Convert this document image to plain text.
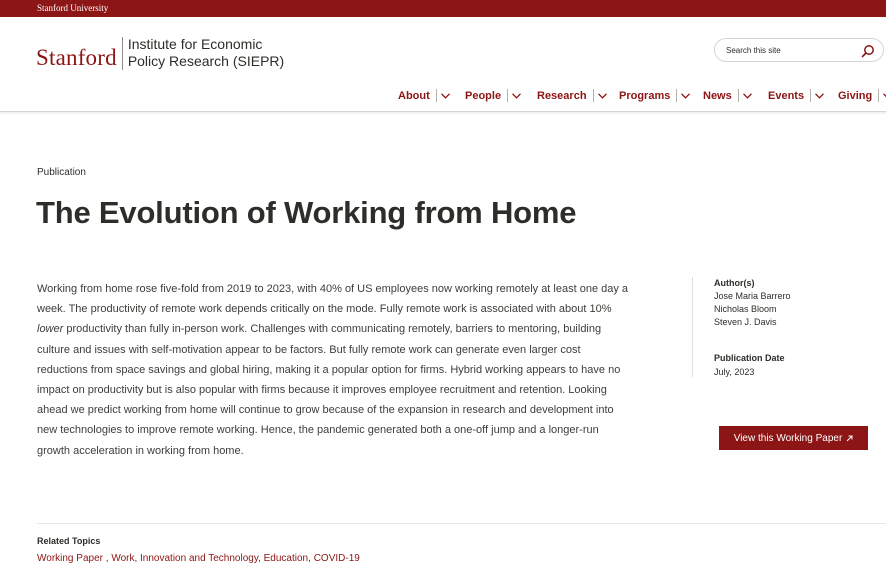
Stanford University
Stanford
Institute for Economic
Policy Research (SIEPR)
Search this site
About	People	Research	Programs	News	Events	Giving
Publication
The Evolution of Working from Home
Working from home rose five-fold from 2019 to 2023, with 40% of US employees now working remotely at least one day a week. The productivity of remote work depends critically on the mode. Fully remote work is associated with about 10% lower productivity than fully in-person work. Challenges with communicating remotely, barriers to mentoring, building culture and issues with self-motivation appear to be factors. But fully remote work can generate even larger cost reductions from space savings and global hiring, making it a popular option for firms. Hybrid working appears to have no impact on productivity but is also popular with firms because it improves employee recruitment and retention. Looking ahead we predict working from home will continue to grow because of the expansion in research and development into new technologies to improve remote working. Hence, the pandemic generated both a one-off jump and a longer-run growth acceleration in working from home.
Author(s)
Jose Maria Barrero
Nicholas Bloom
Steven J. Davis
Publication Date
July, 2023
View this Working Paper
Related Topics
Working Paper , Work, Innovation and Technology, Education, COVID-19
